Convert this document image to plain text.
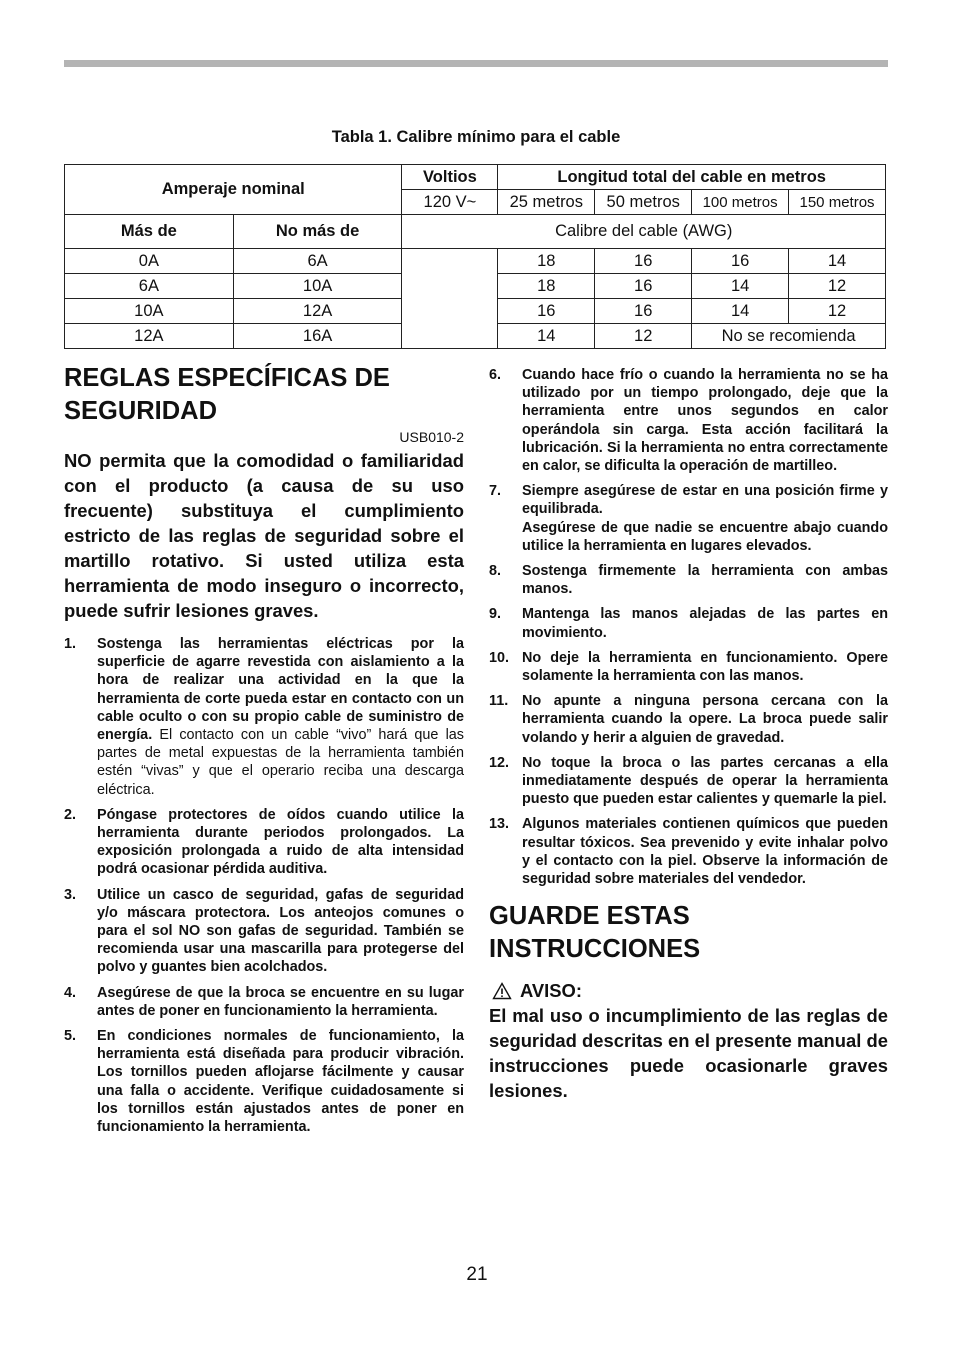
Tabla 1. Calibre mínimo para el cable
Amperaje nominal		Voltios	Longitud total del cable en metros			
		120 V~	25 metros	50 metros	100 metros	150 metros
Más de	No más de	Calibre del cable (AWG)				
0A	6A		18	16	16	14
6A	10A		18	16	14	12
10A	12A		16	16	14	12
12A	16A		14	12	No se recomienda	
REGLAS ESPECÍFICAS DE
SEGURIDAD
USB010-2

NO permita que la comodidad o familiaridad con el producto (a causa de su uso frecuente) substituya el cumplimiento estricto de las reglas de seguridad sobre el martillo rotativo. Si usted utiliza esta herramienta de modo inseguro o incorrecto, puede sufrir lesiones graves.

1.	Sostenga las herramientas eléctricas por la superficie de agarre revestida con aislamiento a la hora de realizar una actividad en la que la herramienta de corte pueda estar en contacto con un cable oculto o con su propio cable de suministro de energía. El contacto con un cable “vivo” hará que las partes de metal expuestas de la herramienta también estén “vivas” y que el operario reciba una descarga eléctrica.
2.	Póngase protectores de oídos cuando utilice la herramienta durante periodos prolongados. La exposición prolongada a ruido de alta intensidad podrá ocasionar pérdida auditiva.
3.	Utilice un casco de seguridad, gafas de seguridad y/o máscara protectora. Los anteojos comunes o para el sol NO son gafas de seguridad. También se recomienda usar una mascarilla para protegerse del polvo y guantes bien acolchados.
4.	Asegúrese de que la broca se encuentre en su lugar antes de poner en funcionamiento la herramienta.
5.	En condiciones normales de funcionamiento, la herramienta está diseñada para producir vibración. Los tornillos pueden aflojarse fácilmente y causar una falla o accidente. Verifique cuidadosamente si los tornillos están ajustados antes de poner en funcionamiento la herramienta.
6.	Cuando hace frío o cuando la herramienta no se ha utilizado por un tiempo prolongado, deje que la herramienta entre unos segundos en calor operándola sin carga. Esta acción facilitará la lubricación. Si la herramienta no entra correctamente en calor, se dificulta la operación de martilleo.
7.	Siempre asegúrese de estar en una posición firme y equilibrada.
Asegúrese de que nadie se encuentre abajo cuando utilice la herramienta en lugares elevados.
8.	Sostenga firmemente la herramienta con ambas manos.
9.	Mantenga las manos alejadas de las partes en movimiento.
10. No deje la herramienta en funcionamiento. Opere solamente la herramienta con las manos.
11. No apunte a ninguna persona cercana con la herramienta cuando la opere. La broca puede salir volando y herir a alguien de gravedad.
12. No toque la broca o las partes cercanas a ella inmediatamente después de operar la herramienta puesto que pueden estar calientes y quemarle la piel.
13. Algunos materiales contienen químicos que pueden resultar tóxicos. Sea prevenido y evite inhalar polvo y el contacto con la piel. Observe la información de seguridad sobre materiales del vendedor.
GUARDE ESTAS
INSTRUCCIONES
AVISO:

El mal uso o incumplimiento de las reglas de seguridad descritas en el presente manual de instrucciones puede ocasionarle graves lesiones.

21
